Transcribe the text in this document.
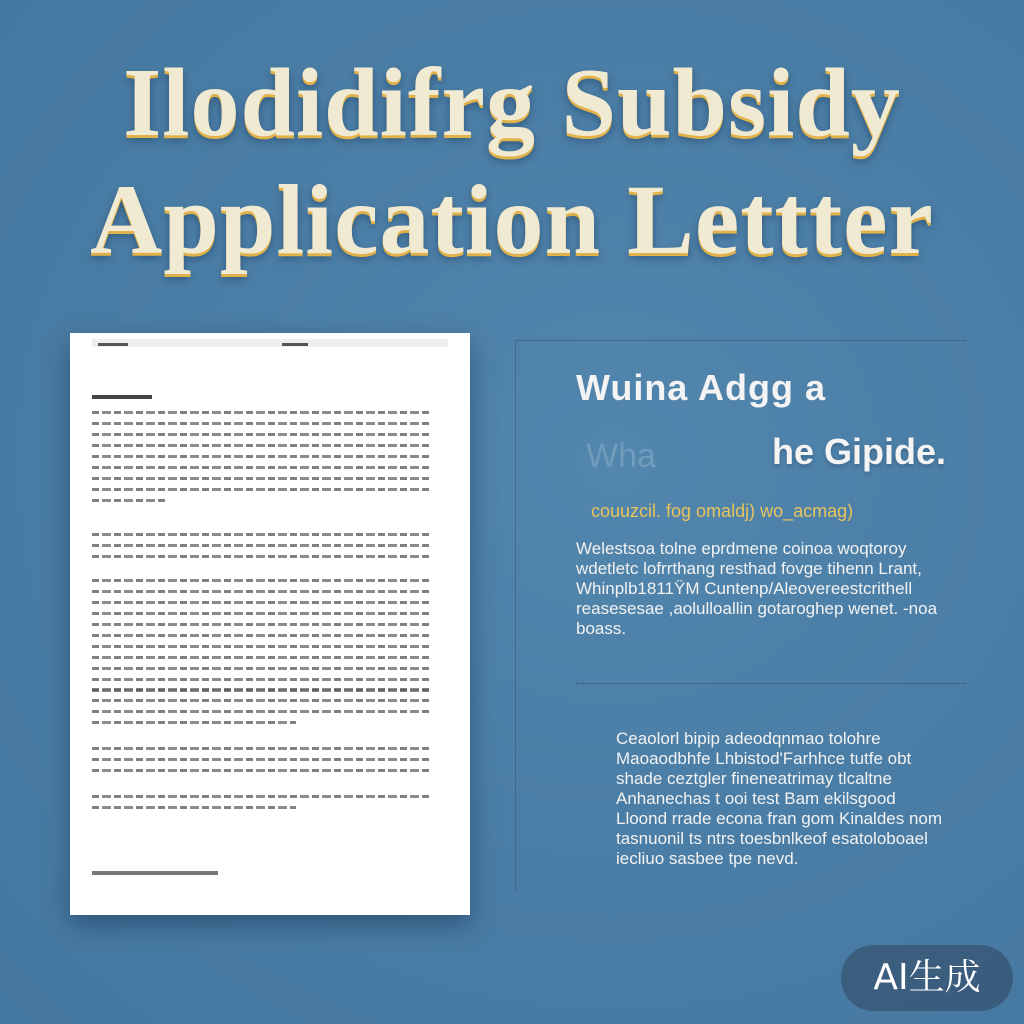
Ilodidifrg Subsidy
Application Lettter
Wuina Adgg a
Wha	he Gipide.

couuzcil. fog omaldj) wo_acmag)

Welestsoa tolne eprdmene coinoa woqtoroy wdetletc lofrrthang resthad fovge tihenn Lrant, Whinplb1811ŸM Cuntenp/Aleovereestcrithell reasesesae ,aolulloallin gotaroghep wenet. -noa boass.

Ceaolorl bipip adeodqnmao tolohre Maoaodbhfe Lhbistod'Farhhce tutfe obt shade ceztgler fineneatrimay tlcaltne Anhanechas t ooi test Bam ekilsgood Lloond rrade econa fran gom Kinaldes nom tasnuonil ts ntrs toesbnlkeof esatoloboael iecliuo sasbee tpe nevd.

AI生成
